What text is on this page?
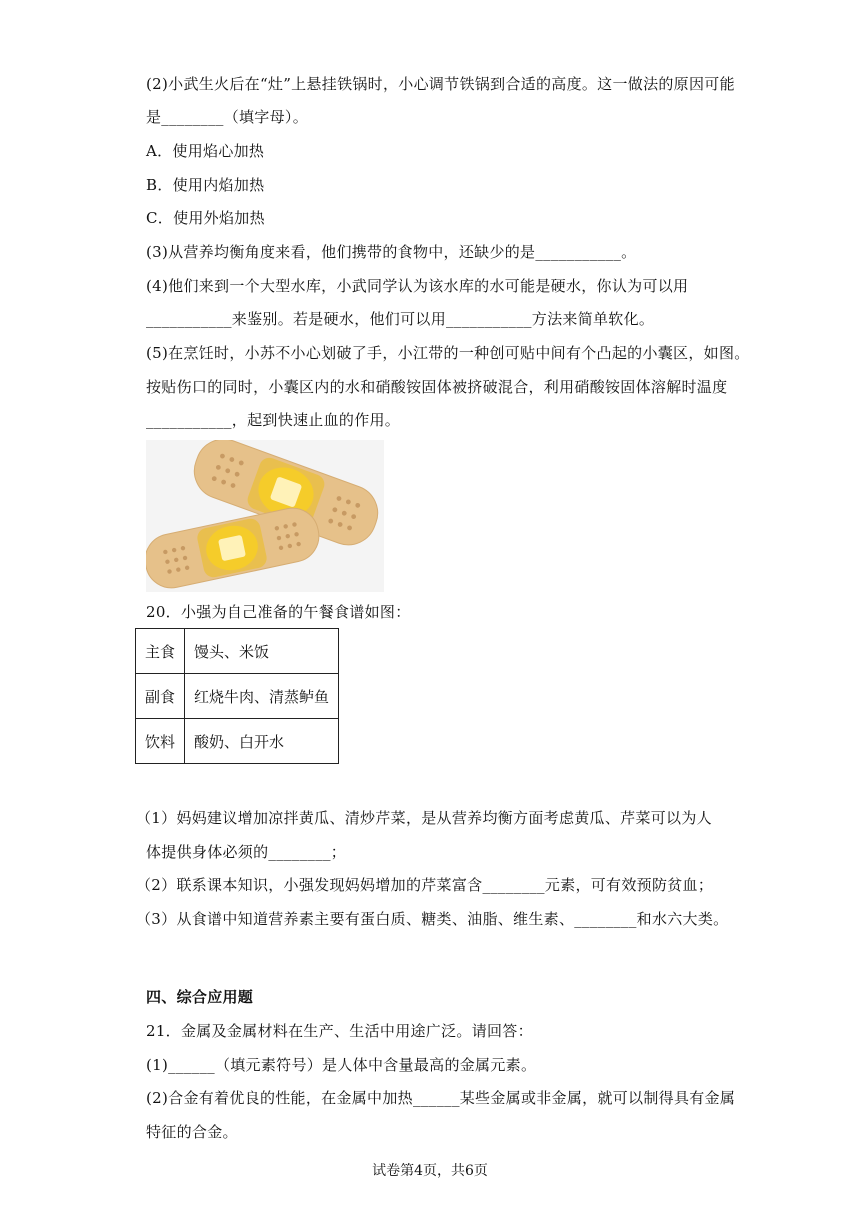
(2)小武生火后在“灶”上悬挂铁锅时，小心调节铁锅到合适的高度。这一做法的原因可能
是________（填字母）。
A．使用焰心加热
B．使用内焰加热
C．使用外焰加热
(3)从营养均衡角度来看，他们携带的食物中，还缺少的是___________。
(4)他们来到一个大型水库，小武同学认为该水库的水可能是硬水，你认为可以用
___________来鉴别。若是硬水，他们可以用___________方法来简单软化。
(5)在烹饪时，小苏不小心划破了手，小江带的一种创可贴中间有个凸起的小囊区，如图。
按贴伤口的同时，小囊区内的水和硝酸铵固体被挤破混合，利用硝酸铵固体溶解时温度
___________，起到快速止血的作用。
20．小强为自己准备的午餐食谱如图：
主食	馒头、米饭
副食	红烧牛肉、清蒸鲈鱼
饮料	酸奶、白开水
（1）妈妈建议增加凉拌黄瓜、清炒芹菜，是从营养均衡方面考虑黄瓜、芹菜可以为人
体提供身体必须的________；
（2）联系课本知识，小强发现妈妈增加的芹菜富含________元素，可有效预防贫血；
（3）从食谱中知道营养素主要有蛋白质、糖类、油脂、维生素、________和水六大类。
四、综合应用题
21．金属及金属材料在生产、生活中用途广泛。请回答：
(1)______（填元素符号）是人体中含量最高的金属元素。
(2)合金有着优良的性能，在金属中加热______某些金属或非金属，就可以制得具有金属
特征的合金。
试卷第4页，共6页
